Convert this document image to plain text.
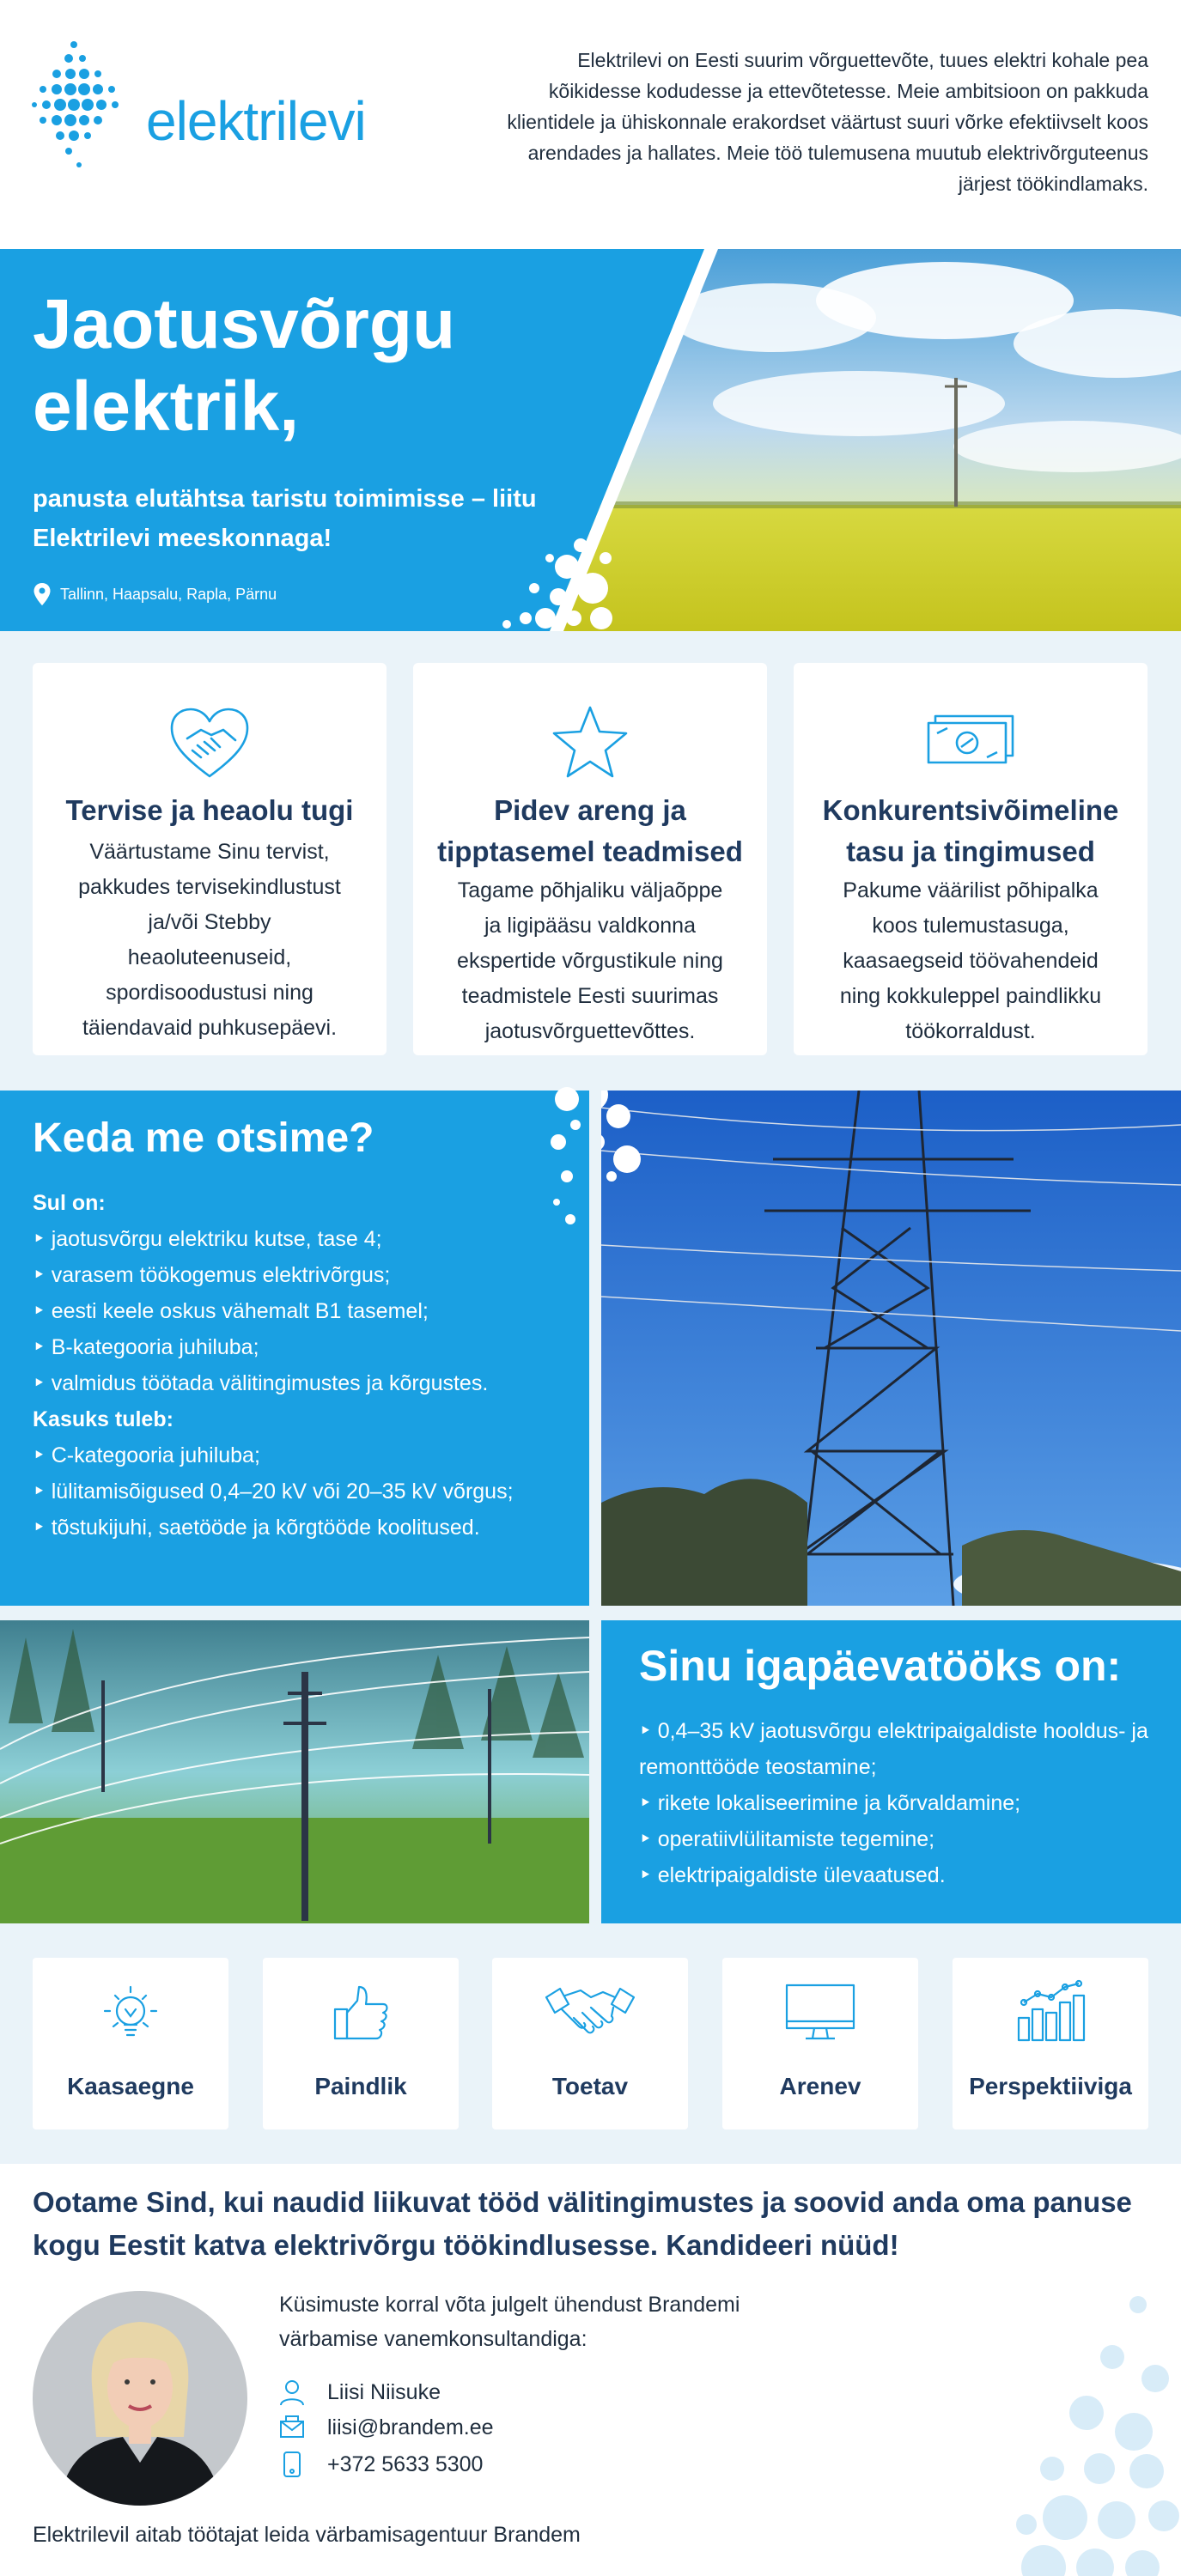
elektrilevi

Elektrilevi on Eesti suurim võrguettevõte, tuues elektri kohale pea kõikidesse kodudesse ja ettevõtetesse. Meie ambitsioon on pakkuda klientidele ja ühiskonnale erakordset väärtust suuri võrke efektiivselt koos arendades ja hallates. Meie töö tulemusena muutub elektrivõrguteenus järjest töökindlamaks.

Jaotusvõrgu elektrik,
panusta elutähtsa taristu toimimisse – liitu Elektrilevi meeskonnaga!
Tallinn, Haapsalu, Rapla, Pärnu
Tervise ja heaolu tugi
Väärtustame Sinu tervist, pakkudes tervisekindlustust ja/või Stebby heaoluteenuseid, spordisoodustusi ning täiendavaid puhkusepäevi.
Pidev areng ja tipptasemel teadmised
Tagame põhjaliku väljaõppe ja ligipääsu valdkonna ekspertide võrgustikule ning teadmistele Eesti suurimas jaotusvõrguettevõttes.
Konkurentsivõimeline tasu ja tingimused
Pakume väärilist põhipalka koos tulemustasuga, kaasaegseid töövahendeid ning kokkuleppel paindlikku töökorraldust.
Keda me otsime?
Sul on:
‣ jaotusvõrgu elektriku kutse, tase 4;
‣ varasem töökogemus elektrivõrgus;
‣ eesti keele oskus vähemalt B1 tasemel;
‣ B-kategooria juhiluba;
‣ valmidus töötada välitingimustes ja kõrgustes.
Kasuks tuleb:
‣ C-kategooria juhiluba;
‣ lülitamisõigused 0,4–20 kV või 20–35 kV võrgus;
‣ tõstukijuhi, saetööde ja kõrgtööde koolitused.
Sinu igapäevatööks on:
‣ 0,4–35 kV jaotusvõrgu elektripaigaldiste hooldus- ja remonttööde teostamine;
‣ rikete lokaliseerimine ja kõrvaldamine;
‣ operatiivlülitamiste tegemine;
‣ elektripaigaldiste ülevaatused.
Kaasaegne	Paindlik	Toetav	Arenev	Perspektiiviga
Ootame Sind, kui naudid liikuvat tööd välitingimustes ja soovid anda oma panuse kogu Eestit katva elektrivõrgu töökindlusesse. Kandideeri nüüd!
Küsimuste korral võta julgelt ühendust Brandemi värbamise vanemkonsultandiga:
Liisi Niisuke
liisi@brandem.ee
+372 5633 5300
Elektrilevil aitab töötajat leida värbamisagentuur Brandem
